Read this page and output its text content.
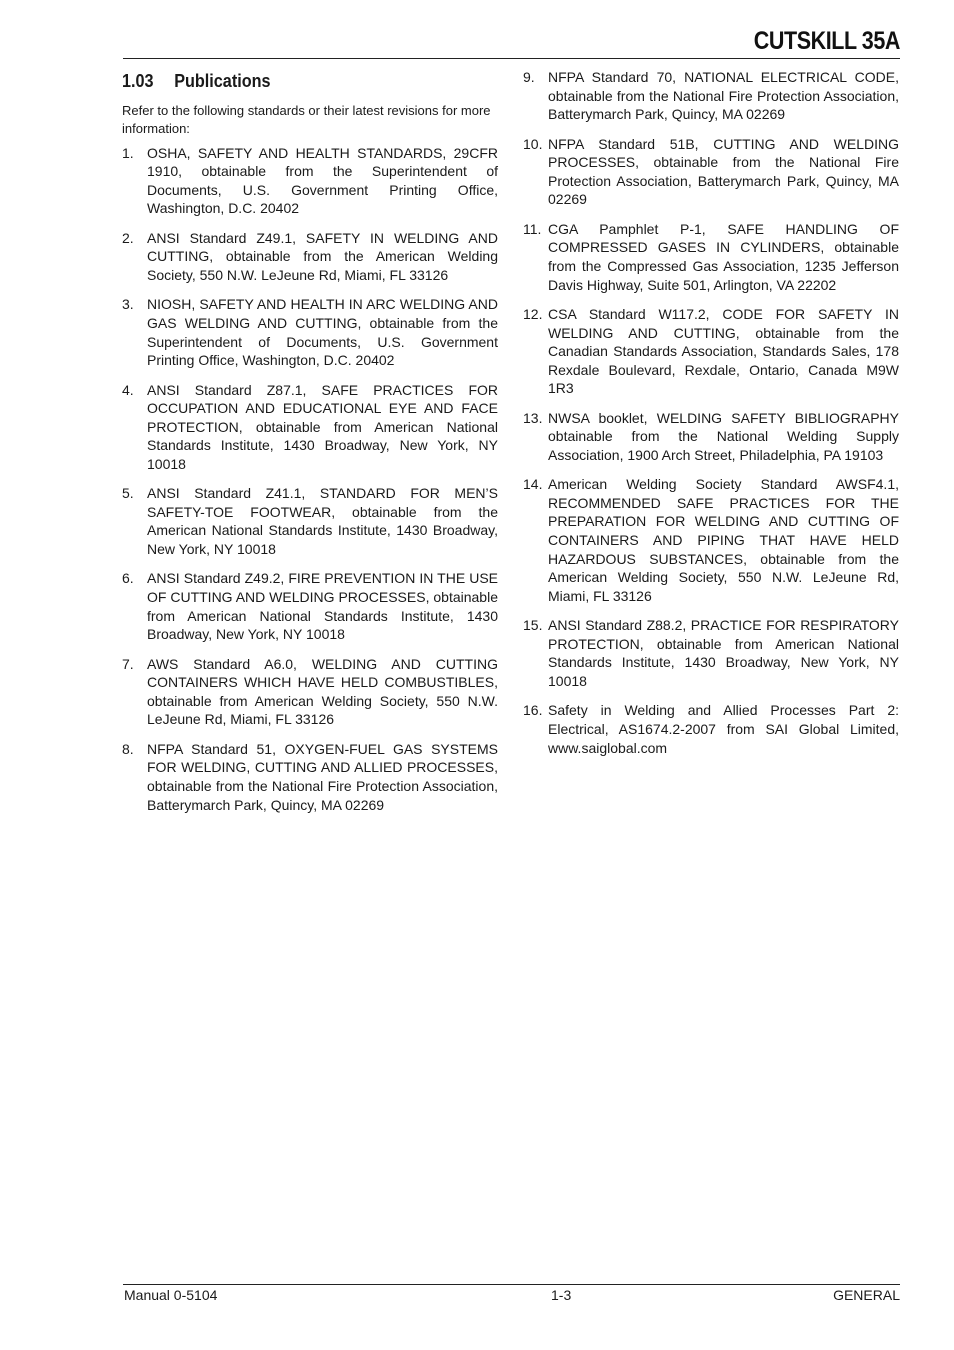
CUTSKILL 35A
1.03	Publications

Refer to the following standards or their latest revisions for more information:

1. OSHA, SAFETY AND HEALTH STANDARDS, 29CFR 1910, obtainable from the Superintendent of Documents, U.S. Government Printing Office, Washington, D.C. 20402
2. ANSI Standard Z49.1, SAFETY IN WELDING AND CUTTING, obtainable from the American Welding Society, 550 N.W. LeJeune Rd, Miami, FL 33126
3. NIOSH, SAFETY AND HEALTH IN ARC WELDING AND GAS WELDING AND CUTTING, obtainable from the Superintendent of Documents, U.S. Government Printing Office, Washington, D.C. 20402
4. ANSI Standard Z87.1, SAFE PRACTICES FOR OCCUPATION AND EDUCATIONAL EYE AND FACE PROTECTION, obtainable from American National Standards Institute, 1430 Broadway, New York, NY 10018
5. ANSI Standard Z41.1, STANDARD FOR MEN’S SAFETY-TOE FOOTWEAR, obtainable from the American National Standards Institute, 1430 Broadway, New York, NY 10018
6. ANSI Standard Z49.2, FIRE PREVENTION IN THE USE OF CUTTING AND WELDING PROCESSES, obtainable from American National Standards Institute, 1430 Broadway, New York, NY 10018
7. AWS Standard A6.0, WELDING AND CUTTING CONTAINERS WHICH HAVE HELD COMBUSTIBLES, obtainable from American Welding Society, 550 N.W. LeJeune Rd, Miami, FL 33126
8. NFPA Standard 51, OXYGEN-FUEL GAS SYSTEMS FOR WELDING, CUTTING AND ALLIED PROCESSES, obtainable from the National Fire Protection Association, Batterymarch Park, Quincy, MA 02269
9. NFPA Standard 70, NATIONAL ELECTRICAL CODE, obtainable from the National Fire Protection Association, Batterymarch Park, Quincy, MA 02269
10. NFPA Standard 51B, CUTTING AND WELDING PROCESSES, obtainable from the National Fire Protection Association, Batterymarch Park, Quincy, MA 02269
11. CGA Pamphlet P-1, SAFE HANDLING OF COMPRESSED GASES IN CYLINDERS, obtainable from the Compressed Gas Association, 1235 Jefferson Davis Highway, Suite 501, Arlington, VA 22202
12. CSA Standard W117.2, CODE FOR SAFETY IN WELDING AND CUTTING, obtainable from the Canadian Standards Association, Standards Sales, 178 Rexdale Boulevard, Rexdale, Ontario, Canada M9W 1R3
13. NWSA booklet, WELDING SAFETY BIBLIOGRAPHY obtainable from the National Welding Supply Association, 1900 Arch Street, Philadelphia, PA 19103
14. American Welding Society Standard AWSF4.1, RECOMMENDED SAFE PRACTICES FOR THE PREPARATION FOR WELDING AND CUTTING OF CONTAINERS AND PIPING THAT HAVE HELD HAZARDOUS SUBSTANCES, obtainable from the American Welding Society, 550 N.W. LeJeune Rd, Miami, FL 33126
15. ANSI Standard Z88.2, PRACTICE FOR RESPIRATORY PROTECTION, obtainable from American National Standards Institute, 1430 Broadway, New York, NY 10018
16. Safety in Welding and Allied Processes Part 2: Electrical, AS1674.2-2007 from SAI Global Limited, www.saiglobal.com
Manual 0-5104	1-3	GENERAL
